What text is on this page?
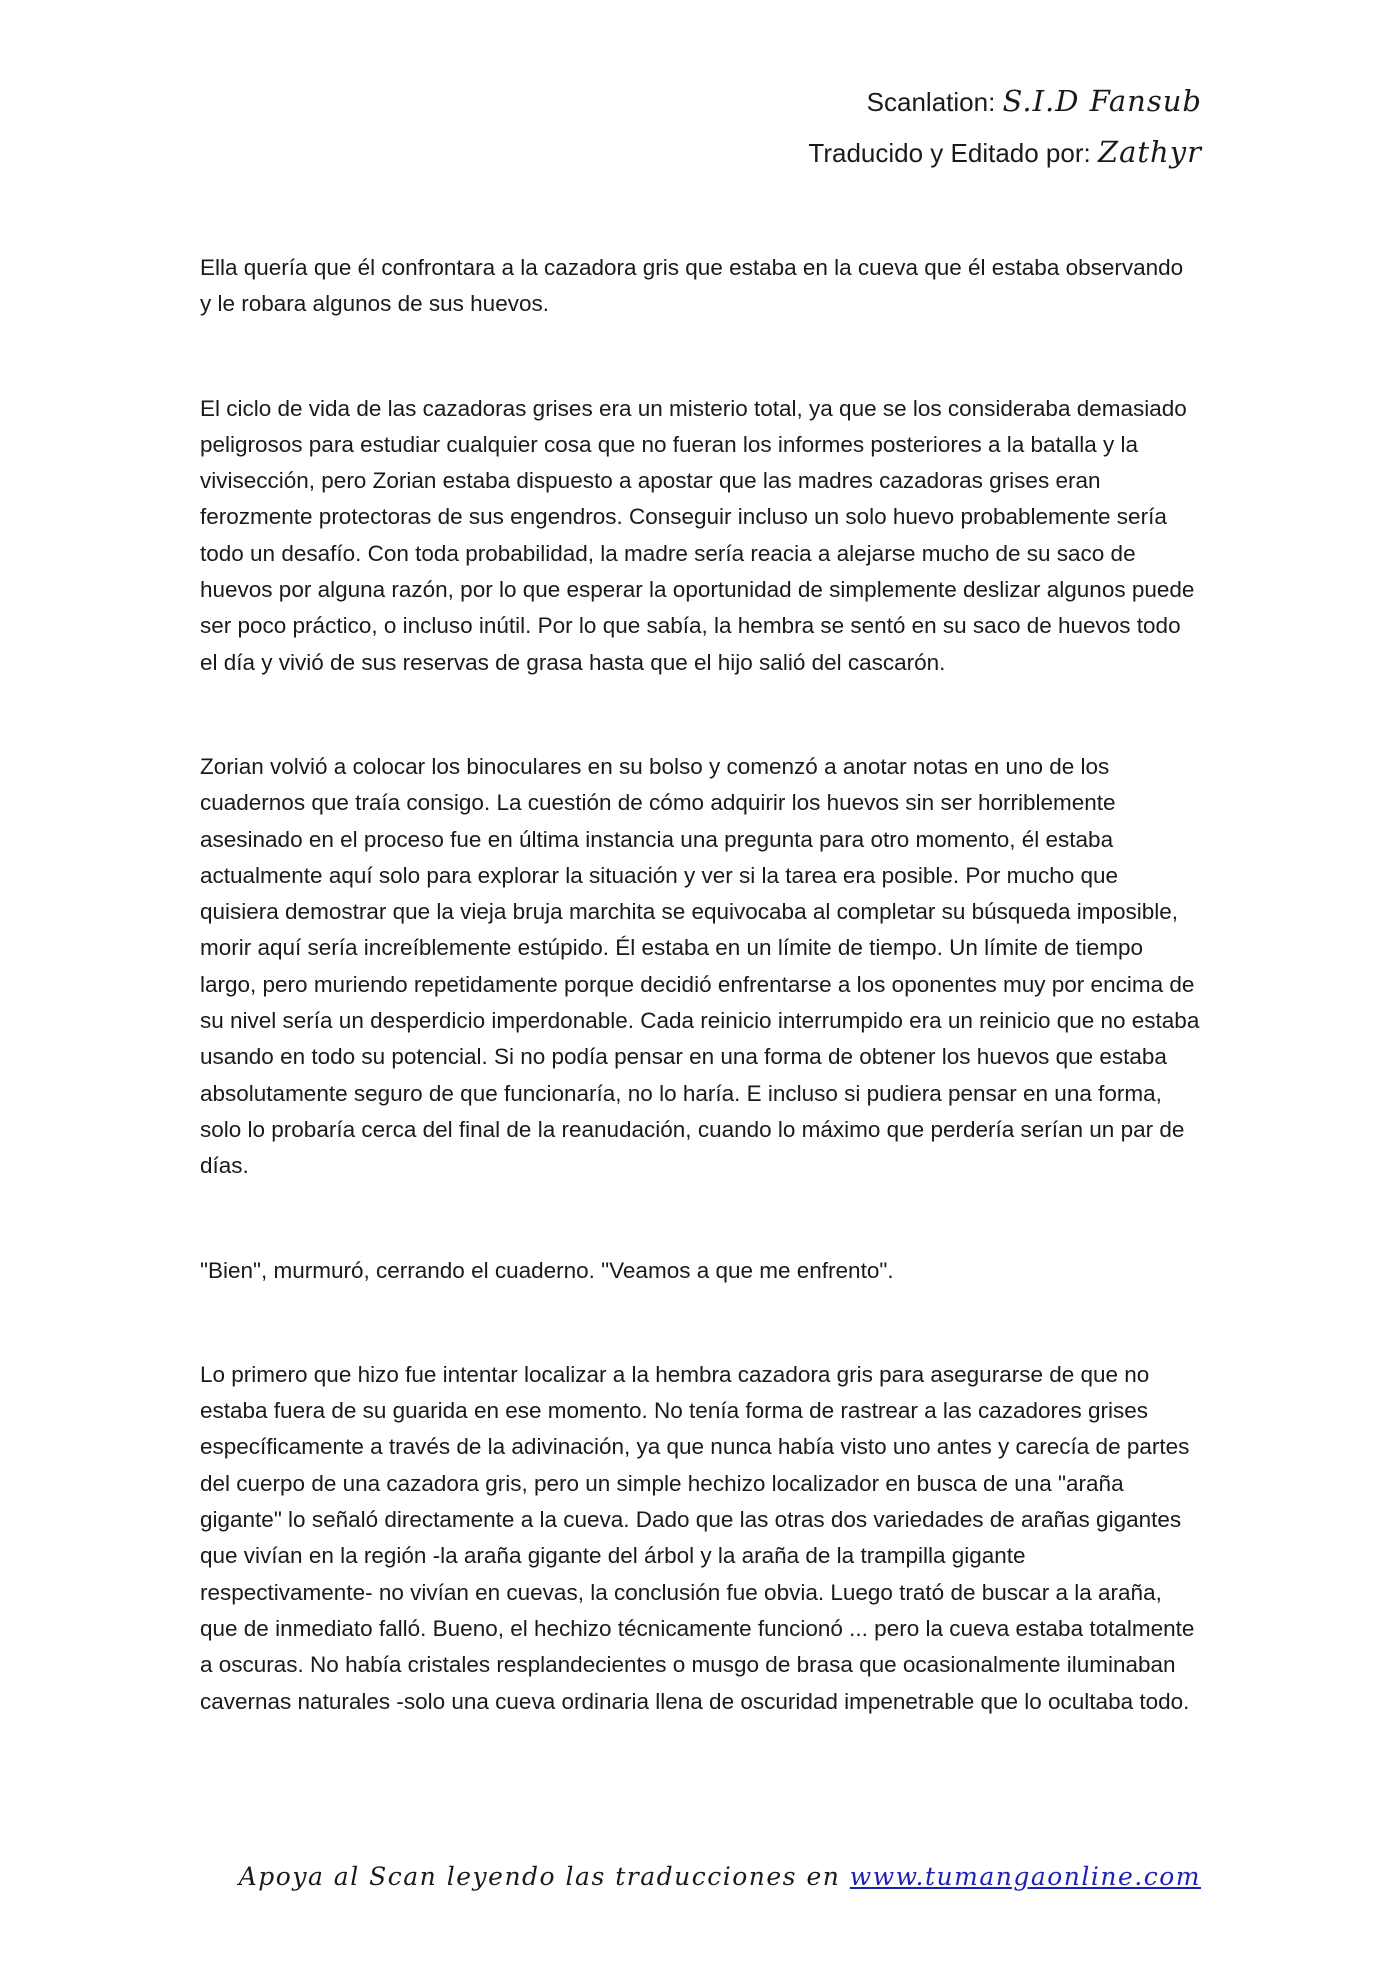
Scanlation: S.I.D Fansub
Traducido y Editado por: Zathyr

Ella quería que él confrontara a la cazadora gris que estaba en la cueva que él estaba observando y le robara algunos de sus huevos.

El ciclo de vida de las cazadoras grises era un misterio total, ya que se los consideraba demasiado peligrosos para estudiar cualquier cosa que no fueran los informes posteriores a la batalla y la vivisección, pero Zorian estaba dispuesto a apostar que las madres cazadoras grises eran ferozmente protectoras de sus engendros. Conseguir incluso un solo huevo probablemente sería todo un desafío. Con toda probabilidad, la madre sería reacia a alejarse mucho de su saco de huevos por alguna razón, por lo que esperar la oportunidad de simplemente deslizar algunos puede ser poco práctico, o incluso inútil. Por lo que sabía, la hembra se sentó en su saco de huevos todo el día y vivió de sus reservas de grasa hasta que el hijo salió del cascarón.

Zorian volvió a colocar los binoculares en su bolso y comenzó a anotar notas en uno de los cuadernos que traía consigo. La cuestión de cómo adquirir los huevos sin ser horriblemente asesinado en el proceso fue en última instancia una pregunta para otro momento, él estaba actualmente aquí solo para explorar la situación y ver si la tarea era posible. Por mucho que quisiera demostrar que la vieja bruja marchita se equivocaba al completar su búsqueda imposible, morir aquí sería increíblemente estúpido. Él estaba en un límite de tiempo. Un límite de tiempo largo, pero muriendo repetidamente porque decidió enfrentarse a los oponentes muy por encima de su nivel sería un desperdicio imperdonable. Cada reinicio interrumpido era un reinicio que no estaba usando en todo su potencial. Si no podía pensar en una forma de obtener los huevos que estaba absolutamente seguro de que funcionaría, no lo haría. E incluso si pudiera pensar en una forma, solo lo probaría cerca del final de la reanudación, cuando lo máximo que perdería serían un par de días.

"Bien", murmuró, cerrando el cuaderno. "Veamos a que me enfrento".

Lo primero que hizo fue intentar localizar a la hembra cazadora gris para asegurarse de que no estaba fuera de su guarida en ese momento. No tenía forma de rastrear a las cazadores grises específicamente a través de la adivinación, ya que nunca había visto uno antes y carecía de partes del cuerpo de una cazadora gris, pero un simple hechizo localizador en busca de una "araña gigante" lo señaló directamente a la cueva. Dado que las otras dos variedades de arañas gigantes que vivían en la región -la araña gigante del árbol y la araña de la trampilla gigante respectivamente- no vivían en cuevas, la conclusión fue obvia. Luego trató de buscar a la araña, que de inmediato falló. Bueno, el hechizo técnicamente funcionó ... pero la cueva estaba totalmente a oscuras. No había cristales resplandecientes o musgo de brasa que ocasionalmente iluminaban cavernas naturales -solo una cueva ordinaria llena de oscuridad impenetrable que lo ocultaba todo.

Apoya al Scan leyendo las traducciones en www.tumangaonline.com
